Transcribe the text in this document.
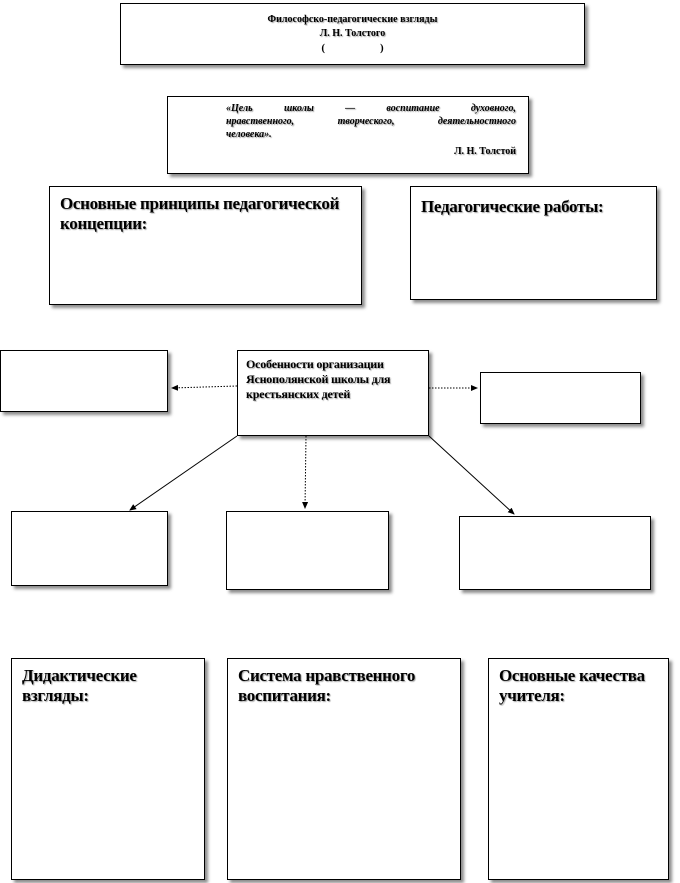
Философско-педагогические взгляды
Л. Н. Толстого
(                    )
«Цель школы — воспитание духовного,
нравственного, творческого, деятельностного
человека».
Л. Н. Толстой
Основные принципы педагогической концепции:
Педагогические работы:
Особенности организации Яснополянской школы для крестьянских детей
Дидактические взгляды:
Система нравственного воспитания:
Основные качества учителя:
